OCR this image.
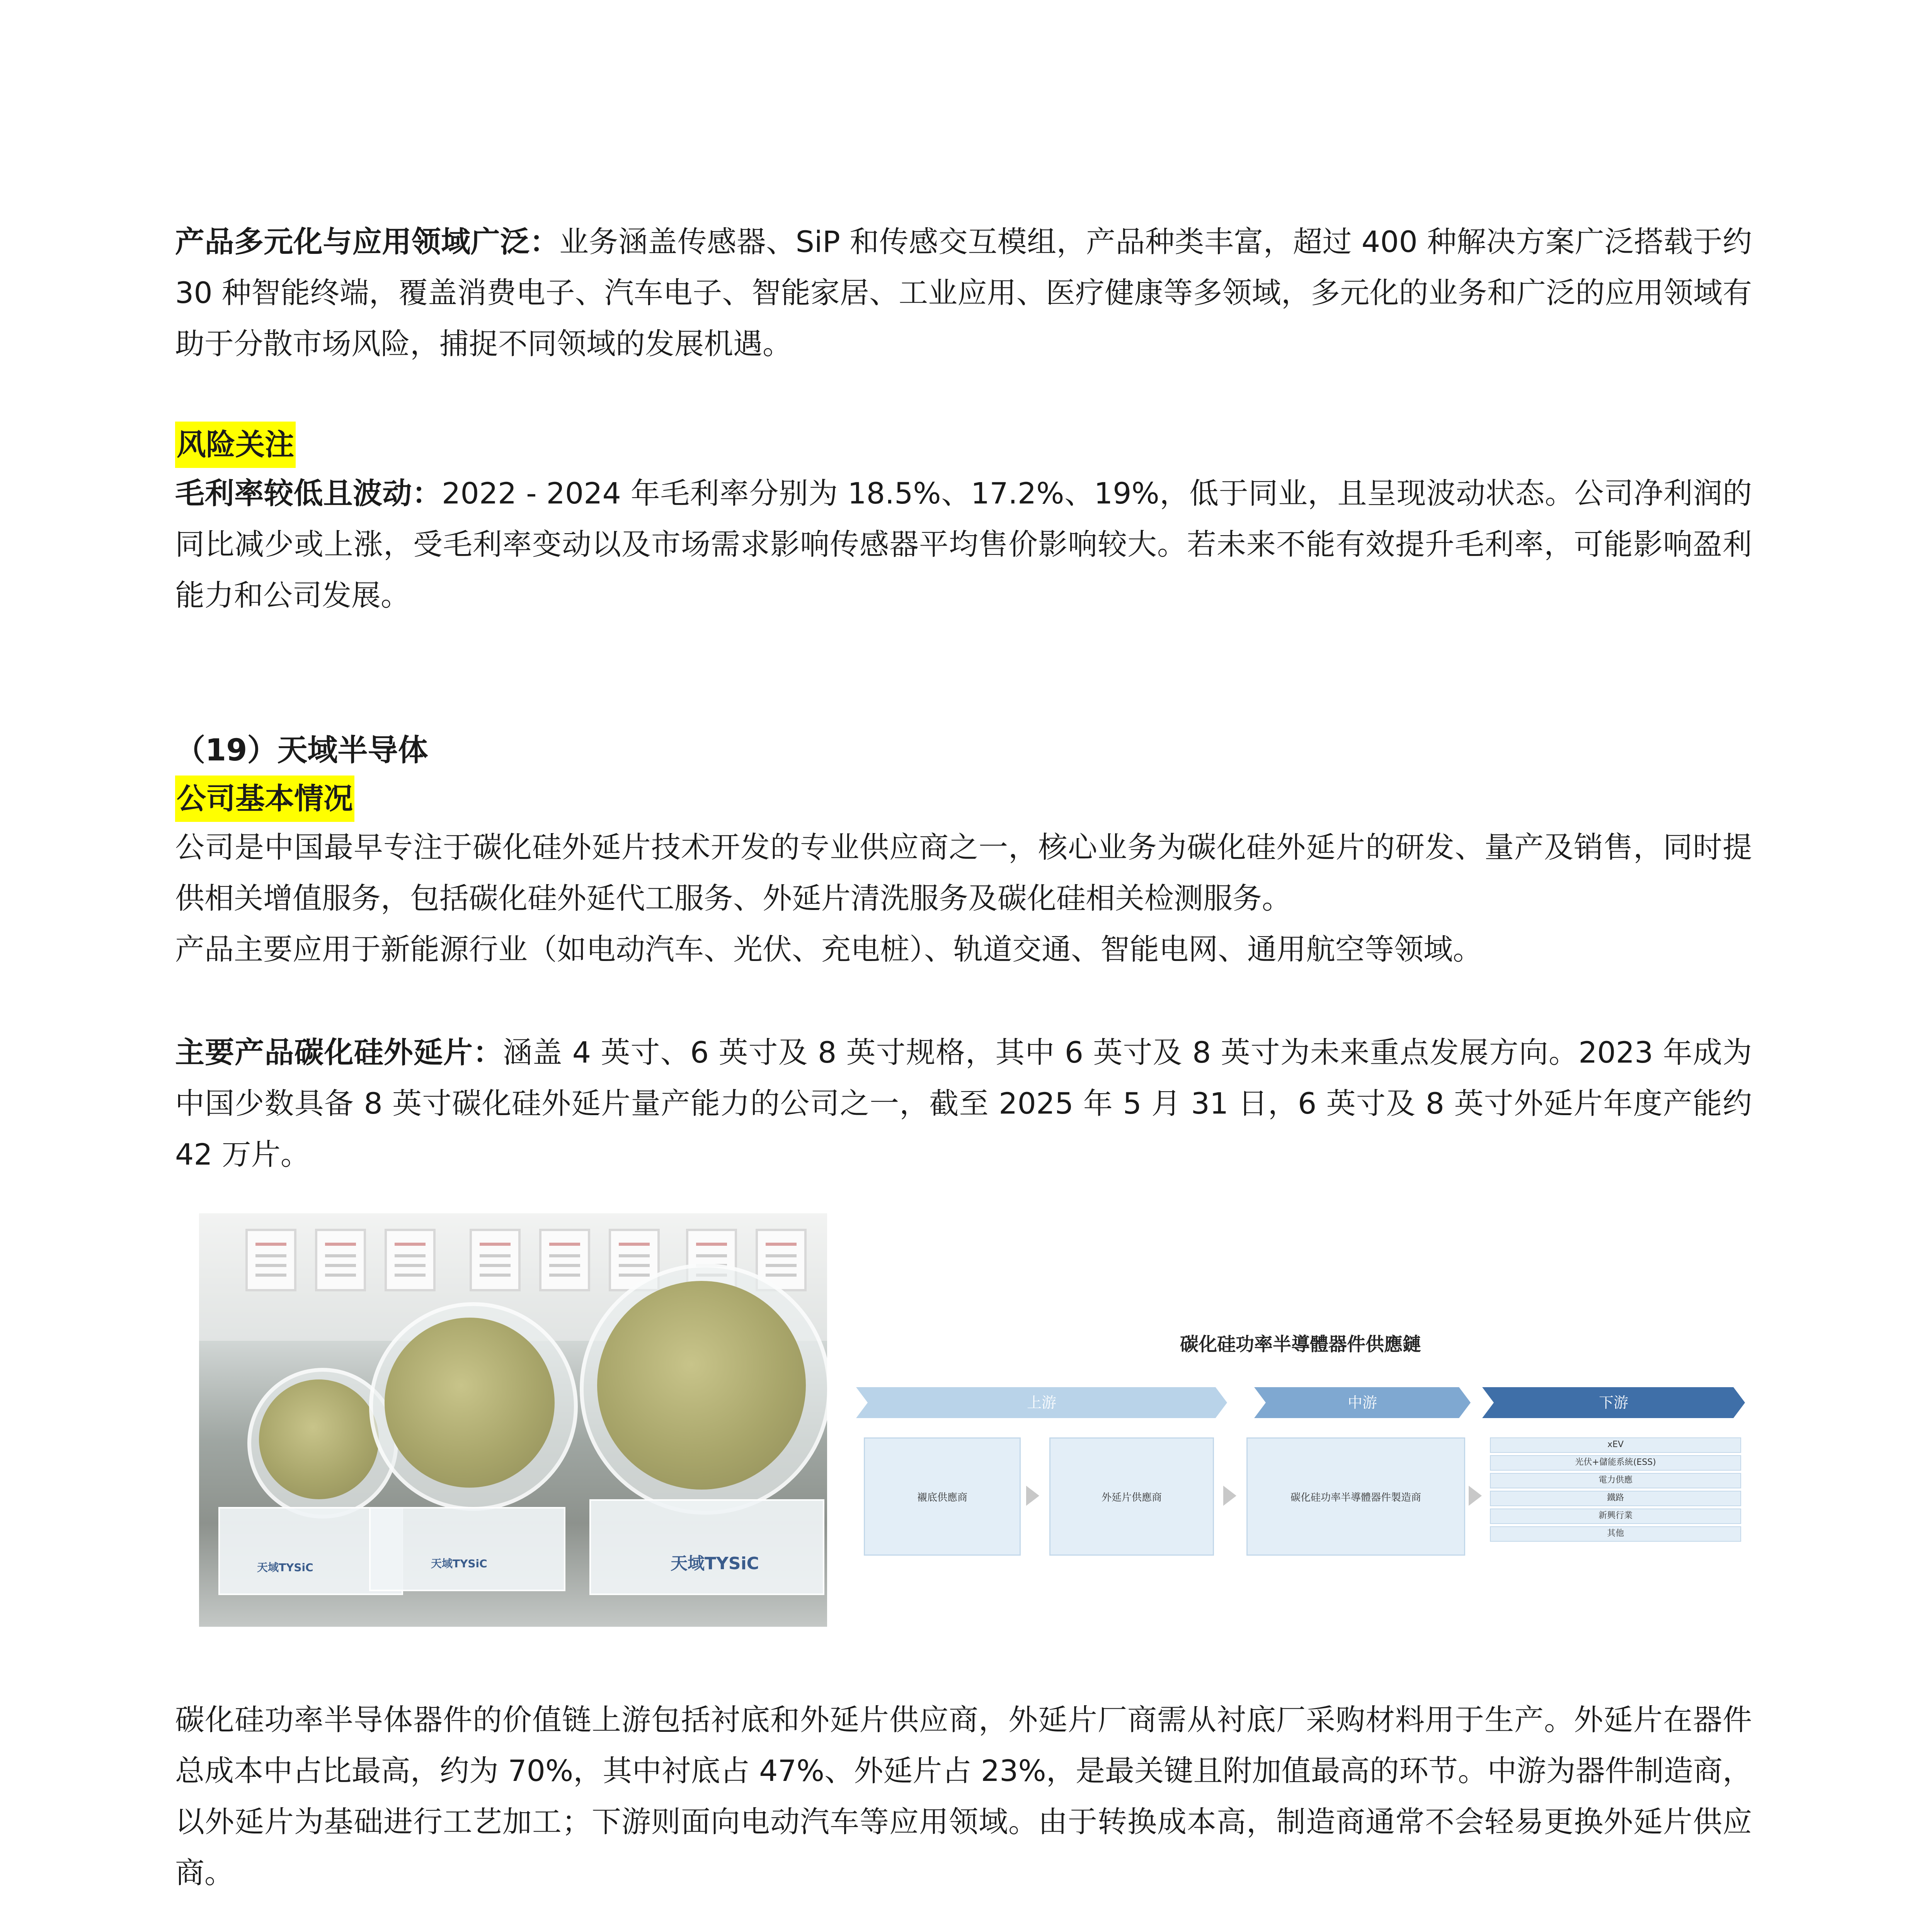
产品多元化与应用领域广泛：业务涵盖传感器、SiP 和传感交互模组，产品种类丰富，超过 400 种解决方案广泛搭载于约 30 种智能终端，覆盖消费电子、汽车电子、智能家居、工业应用、医疗健康等多领域，多元化的业务和广泛的应用领域有助于分散市场风险，捕捉不同领域的发展机遇。

风险关注

毛利率较低且波动：2022 - 2024 年毛利率分别为 18.5%、17.2%、19%，低于同业，且呈现波动状态。公司净利润的同比减少或上涨，受毛利率变动以及市场需求影响传感器平均售价影响较大。若未来不能有效提升毛利率，可能影响盈利能力和公司发展。

（19）天域半导体

公司基本情况

公司是中国最早专注于碳化硅外延片技术开发的专业供应商之一，核心业务为碳化硅外延片的研发、量产及销售，同时提供相关增值服务，包括碳化硅外延代工服务、外延片清洗服务及碳化硅相关检测服务。

产品主要应用于新能源行业（如电动汽车、光伏、充电桩）、轨道交通、智能电网、通用航空等领域。

主要产品碳化硅外延片：涵盖 4 英寸、6 英寸及 8 英寸规格，其中 6 英寸及 8 英寸为未来重点发展方向。2023 年成为中国少数具备 8 英寸碳化硅外延片量产能力的公司之一，截至 2025 年 5 月 31 日，6 英寸及 8 英寸外延片年度产能约 42 万片。

天域TYSiC	天域TYSiC	天域TYSiC
碳化硅功率半導體器件供應鏈
上游	中游	下游
襯底供應商	外延片供應商	碳化硅功率半導體器件製造商
xEV
光伏+儲能系統(ESS)
電力供應
鐵路
新興行業
其他

碳化硅功率半导体器件的价值链上游包括衬底和外延片供应商，外延片厂商需从衬底厂采购材料用于生产。外延片在器件总成本中占比最高，约为 70%，其中衬底占 47%、外延片占 23%，是最关键且附加值最高的环节。中游为器件制造商，以外延片为基础进行工艺加工；下游则面向电动汽车等应用领域。由于转换成本高，制造商通常不会轻易更换外延片供应商。
